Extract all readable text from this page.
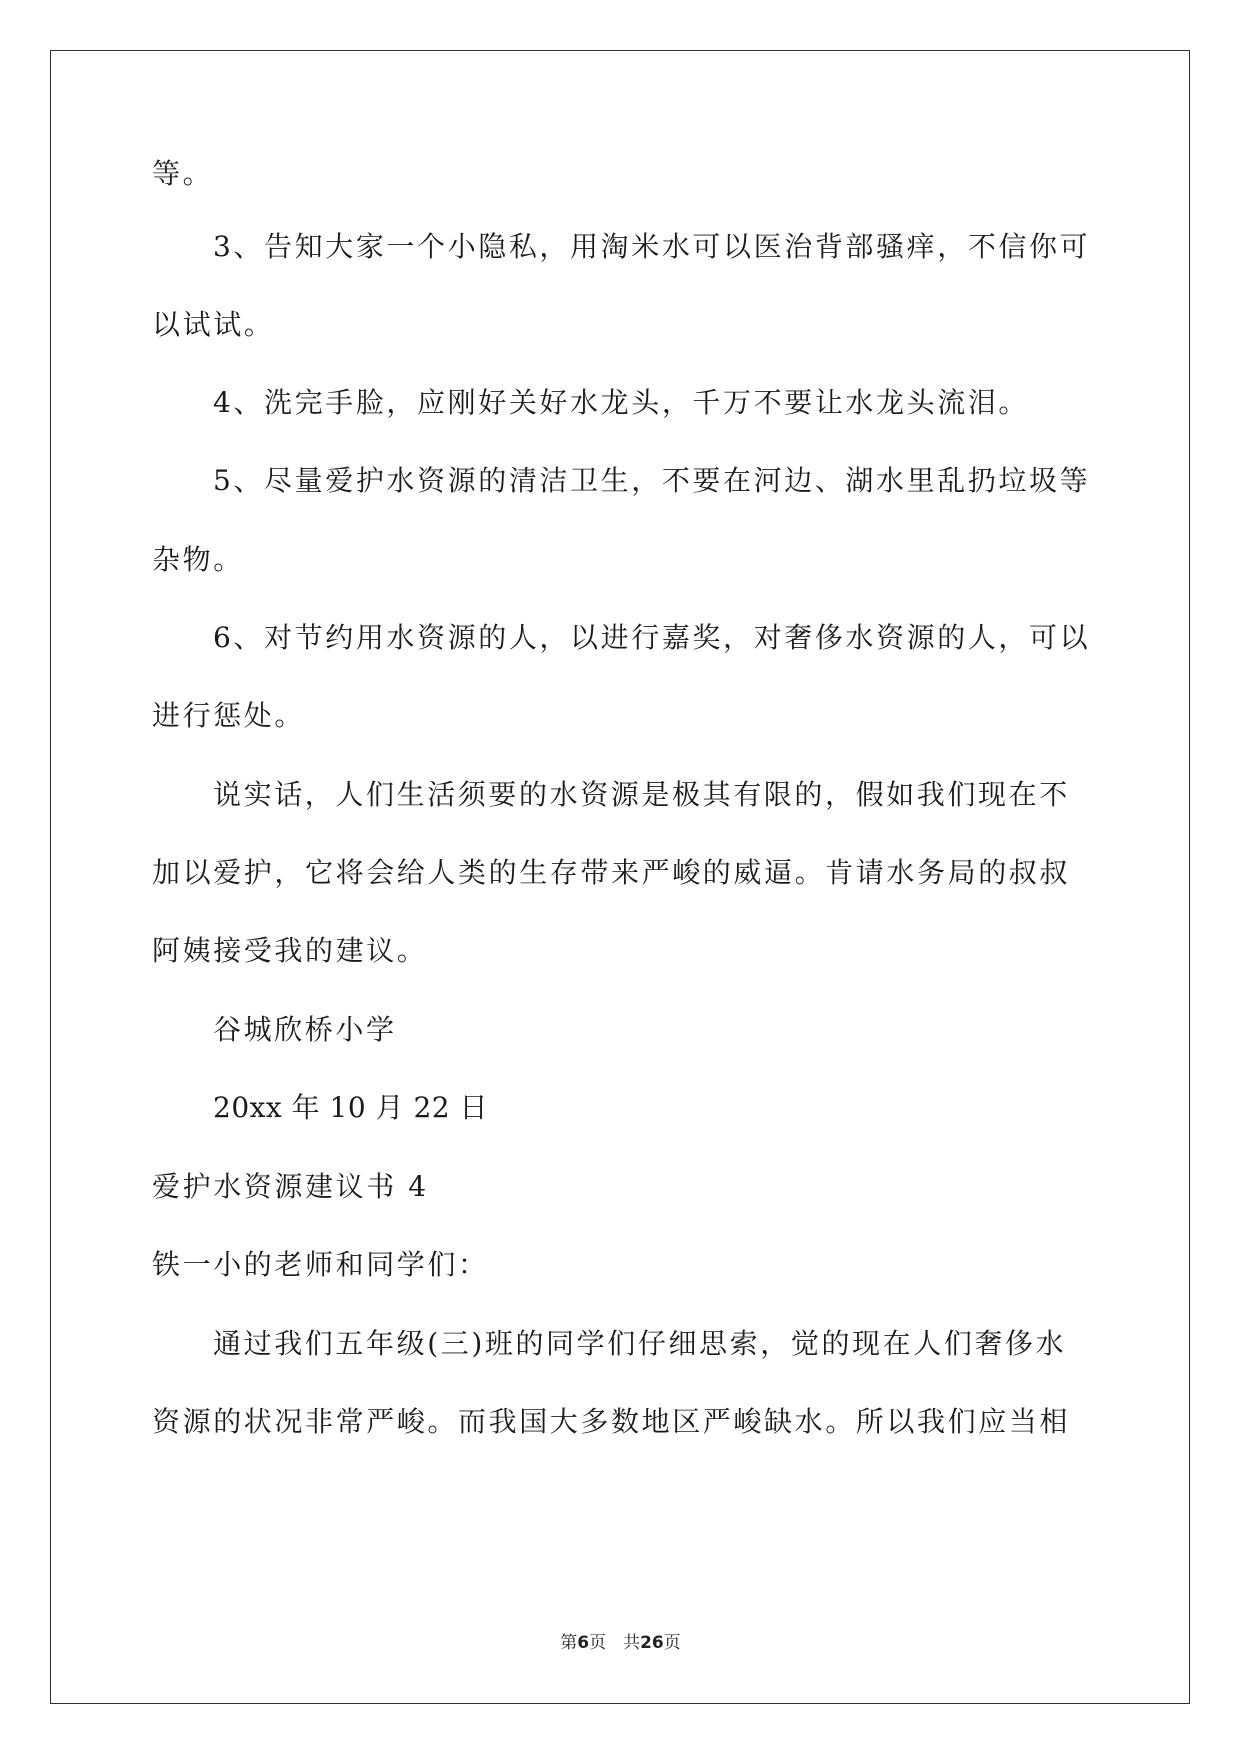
等。
3、告知大家一个小隐私，用淘米水可以医治背部骚痒，不信你可
以试试。
4、洗完手脸，应刚好关好水龙头，千万不要让水龙头流泪。
5、尽量爱护水资源的清洁卫生，不要在河边、湖水里乱扔垃圾等
杂物。
6、对节约用水资源的人，以进行嘉奖，对奢侈水资源的人，可以
进行惩处。
说实话，人们生活须要的水资源是极其有限的，假如我们现在不
加以爱护，它将会给人类的生存带来严峻的威逼。肯请水务局的叔叔
阿姨接受我的建议。
谷城欣桥小学
20xx 年 10 月 22 日
爱护水资源建议书 4
铁一小的老师和同学们：
通过我们五年级(三)班的同学们仔细思索，觉的现在人们奢侈水
资源的状况非常严峻。而我国大多数地区严峻缺水。所以我们应当相
第6页　共26页
